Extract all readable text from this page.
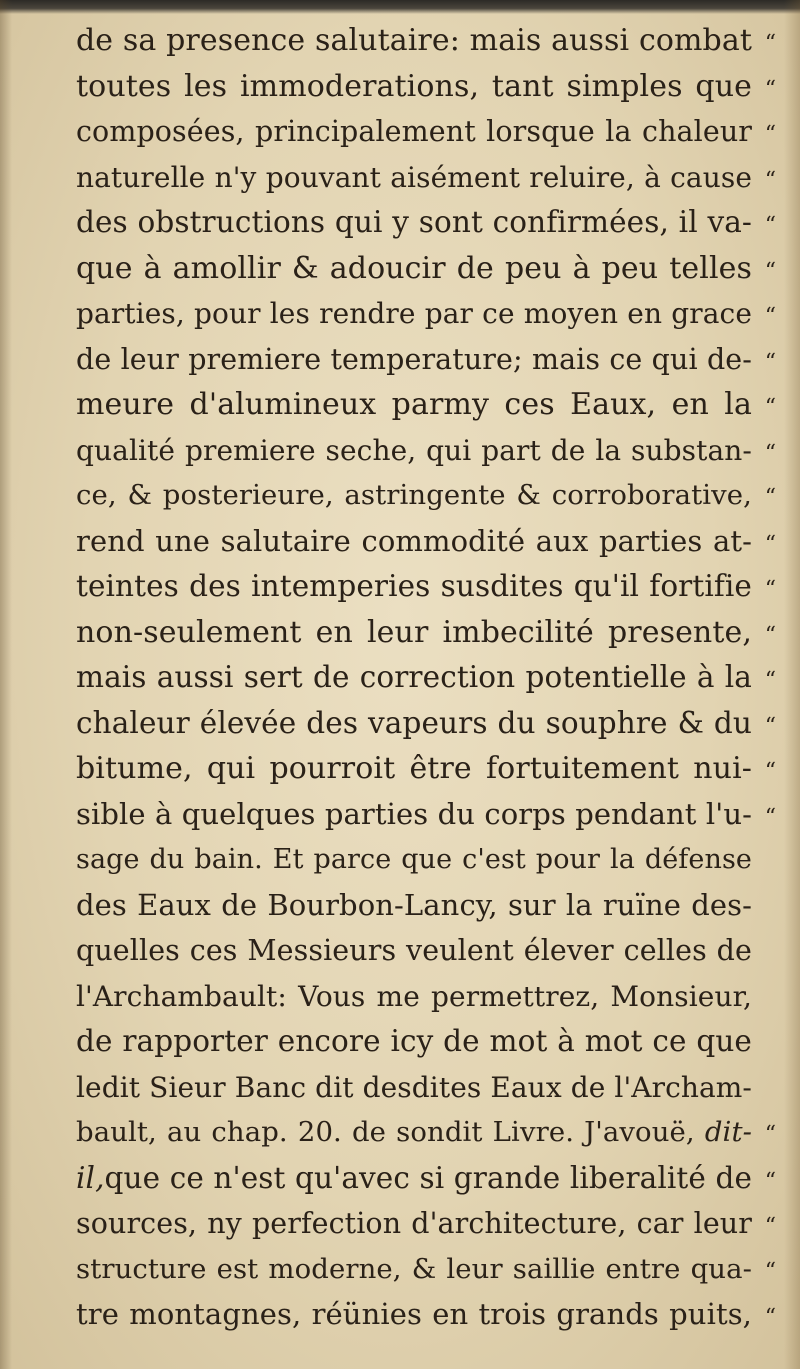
de sa presence salutaire: mais aussi combat “
toutes les immoderations, tant simples que “
composées, principalement lorsque la chaleur “
naturelle n'y pouvant aisément reluire, à cause “
des obstructions qui y sont confirmées, il va- “
que à amollir & adoucir de peu à peu telles “
parties, pour les rendre par ce moyen en grace “
de leur premiere temperature; mais ce qui de- “
meure d'alumineux parmy ces Eaux, en la “
qualité premiere seche, qui part de la substan- “
ce, & posterieure, astringente & corroborative, “
rend une salutaire commodité aux parties at- “
teintes des intemperies susdites qu'il fortifie “
non-seulement en leur imbecilité presente, “
mais aussi sert de correction potentielle à la “
chaleur élevée des vapeurs du souphre & du “
bitume, qui pourroit être fortuitement nui- “
sible à quelques parties du corps pendant l'u- “
sage du bain. Et parce que c'est pour la défense
des Eaux de Bourbon-Lancy, sur la ruïne des-
quelles ces Messieurs veulent élever celles de
l'Archambault: Vous me permettrez, Monsieur,
de rapporter encore icy de mot à mot ce que
ledit Sieur Banc dit desdites Eaux de l'Archam-
bault, au chap. 20. de sondit Livre. J'avouë, dit- “
il,que ce n'est qu'avec si grande liberalité de “
sources, ny perfection d'architecture, car leur “
structure est moderne, & leur saillie entre qua- “
tre montagnes, réünies en trois grands puits, “
